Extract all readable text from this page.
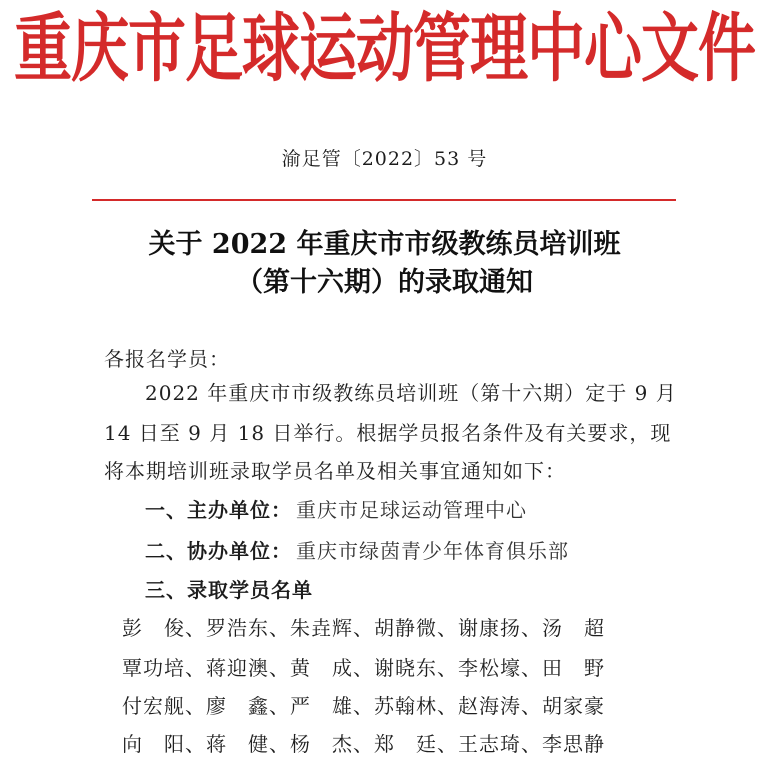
重庆市足球运动管理中心文件
渝足管〔2022〕53 号
关于 2022 年重庆市市级教练员培训班
（第十六期）的录取通知
各报名学员：
2022 年重庆市市级教练员培训班（第十六期）定于 9 月
14 日至 9 月 18 日举行。根据学员报名条件及有关要求，现
将本期培训班录取学员名单及相关事宜通知如下：
一、主办单位： 重庆市足球运动管理中心
二、协办单位： 重庆市绿茵青少年体育俱乐部
三、录取学员名单
彭　俊、罗浩东、朱垚辉、胡静微、谢康扬、汤　超
覃功培、蒋迎澳、黄　成、谢晓东、李松壕、田　野
付宏舰、廖　鑫、严　雄、苏翰林、赵海涛、胡家豪
向　阳、蒋　健、杨　杰、郑　廷、王志琦、李思静
